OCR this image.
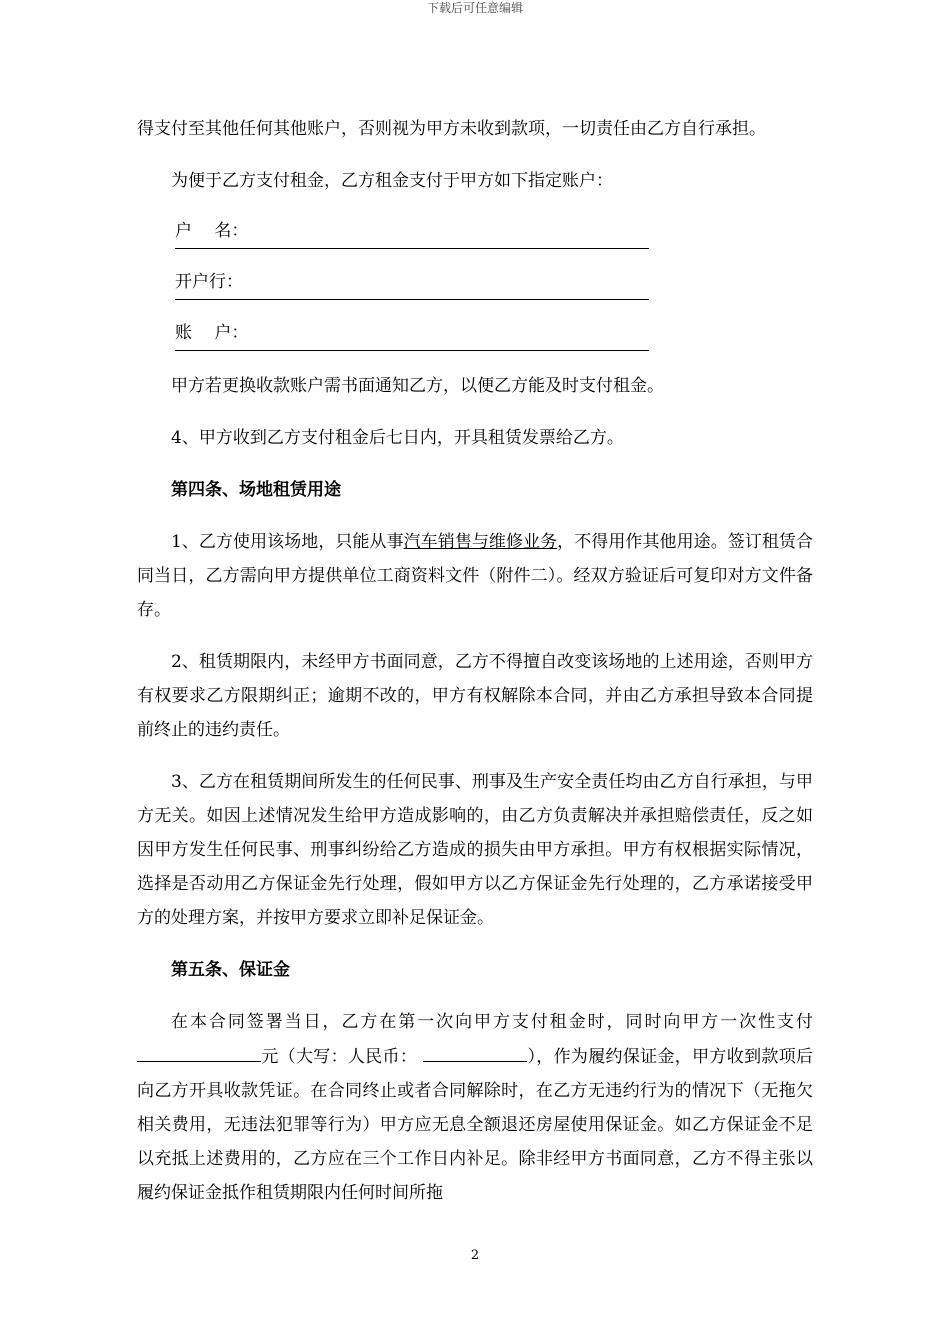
下载后可任意编辑

得支付至其他任何其他账户，否则视为甲方未收到款项，一切责任由乙方自行承担。

为便于乙方支付租金，乙方租金支付于甲方如下指定账户：

户　 名：
开户行：
账　 户：

甲方若更换收款账户需书面通知乙方，以便乙方能及时支付租金。

4、甲方收到乙方支付租金后七日内，开具租赁发票给乙方。

第四条、场地租赁用途

1、乙方使用该场地，只能从事汽车销售与维修业务，不得用作其他用途。签订租赁合同当日，乙方需向甲方提供单位工商资料文件（附件二）。经双方验证后可复印对方文件备存。

2、租赁期限内，未经甲方书面同意，乙方不得擅自改变该场地的上述用途，否则甲方有权要求乙方限期纠正；逾期不改的，甲方有权解除本合同，并由乙方承担导致本合同提前终止的违约责任。

3、乙方在租赁期间所发生的任何民事、刑事及生产安全责任均由乙方自行承担，与甲方无关。如因上述情况发生给甲方造成影响的，由乙方负责解决并承担赔偿责任，反之如因甲方发生任何民事、刑事纠纷给乙方造成的损失由甲方承担。甲方有权根据实际情况，选择是否动用乙方保证金先行处理，假如甲方以乙方保证金先行处理的，乙方承诺接受甲方的处理方案，并按甲方要求立即补足保证金。

第五条、保证金

在本合同签署当日，乙方在第一次向甲方支付租金时，同时向甲方一次性支付元（大写：人民币：	），作为履约保证金，甲方收到款项后向乙方开具收款凭证。在合同终止或者合同解除时，在乙方无违约行为的情况下（无拖欠相关费用，无违法犯罪等行为）甲方应无息全额退还房屋使用保证金。如乙方保证金不足以充抵上述费用的，乙方应在三个工作日内补足。除非经甲方书面同意，乙方不得主张以履约保证金抵作租赁期限内任何时间所拖

2
